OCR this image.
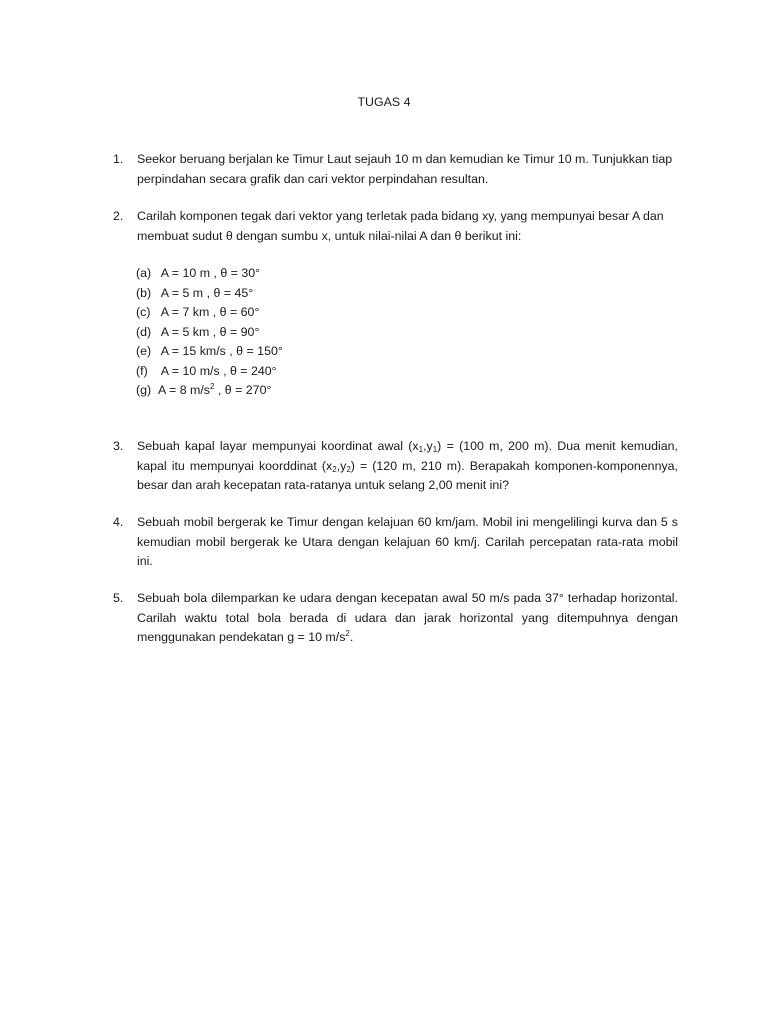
TUGAS 4
1. Seekor beruang berjalan ke Timur Laut sejauh 10 m dan kemudian ke Timur 10 m. Tunjukkan tiap perpindahan secara grafik dan cari vektor perpindahan resultan.
2. Carilah komponen tegak dari vektor yang terletak pada bidang xy, yang mempunyai besar A dan membuat sudut θ dengan sumbu x, untuk nilai-nilai A dan θ berikut ini:
(a) A = 10 m , θ = 30°
(b) A = 5 m , θ = 45°
(c) A = 7 km , θ = 60°
(d) A = 5 km , θ = 90°
(e) A = 15 km/s , θ = 150°
(f) A = 10 m/s , θ = 240°
(g) A = 8 $m/s^2$ , θ = 270°
3. Sebuah kapal layar mempunyai koordinat awal $(x_1,y_1) = (100$ m, 200 m). Dua menit kemudian, kapal itu mempunyai koorddinat $(x_2,y_2) = (120$ m, 210 m). Berapakah komponen-komponennya, besar dan arah kecepatan rata-ratanya untuk selang 2,00 menit ini?
4. Sebuah mobil bergerak ke Timur dengan kelajuan 60 km/jam. Mobil ini mengelilingi kurva dan 5 s kemudian mobil bergerak ke Utara dengan kelajuan 60 km/j. Carilah percepatan rata-rata mobil ini.
5. Sebuah bola dilemparkan ke udara dengan kecepatan awal 50 m/s pada 37° terhadap horizontal. Carilah waktu total bola berada di udara dan jarak horizontal yang ditempuhnya dengan menggunakan pendekatan g = 10 $m/s^2$.
